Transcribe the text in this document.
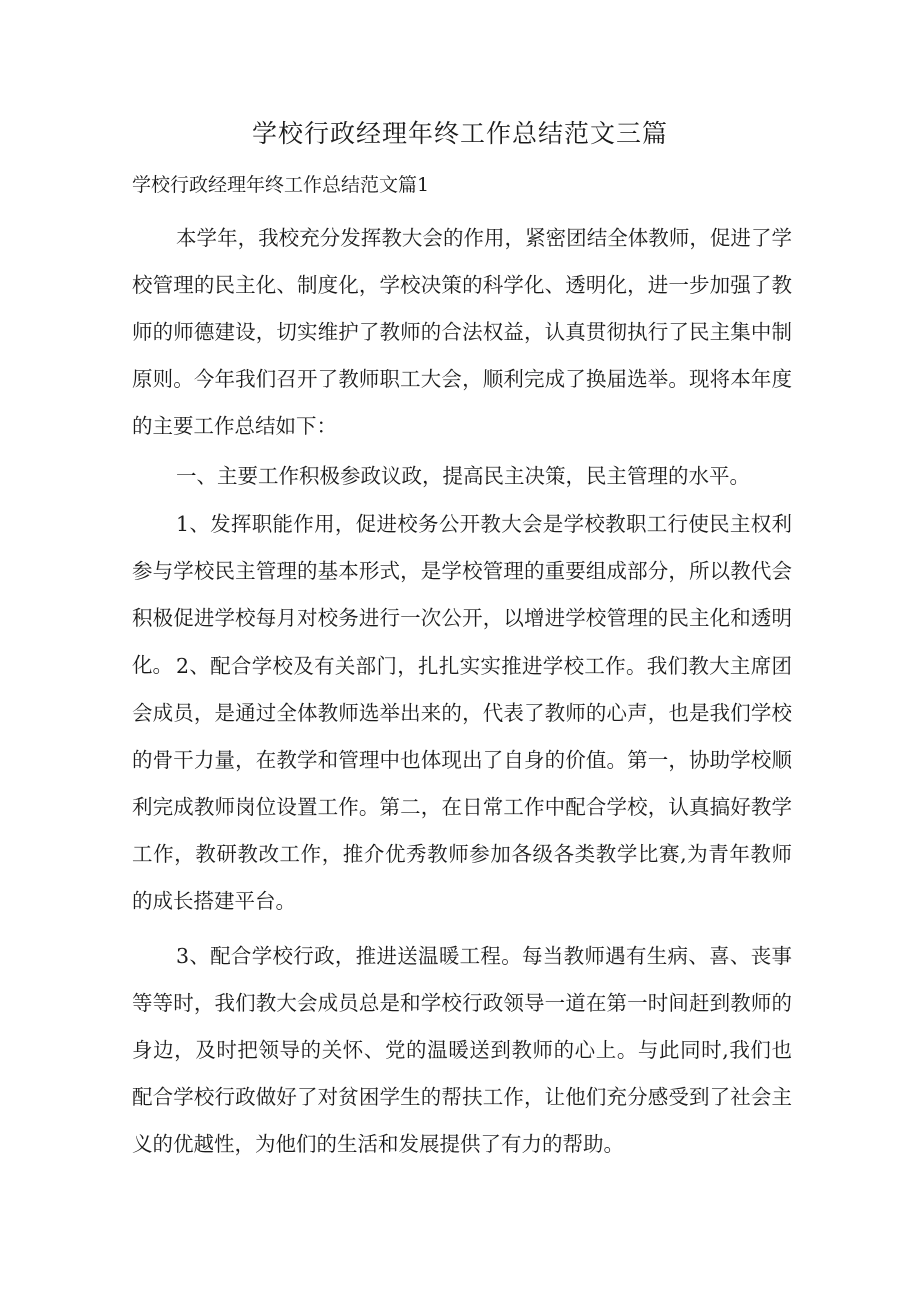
学校行政经理年终工作总结范文三篇

学校行政经理年终工作总结范文篇1

本学年，我校充分发挥教大会的作用，紧密团结全体教师，促进了学校管理的民主化、制度化，学校决策的科学化、透明化，进一步加强了教师的师德建设，切实维护了教师的合法权益，认真贯彻执行了民主集中制原则。今年我们召开了教师职工大会，顺利完成了换届选举。现将本年度的主要工作总结如下：

一、主要工作积极参政议政，提高民主决策，民主管理的水平。

1、发挥职能作用，促进校务公开教大会是学校教职工行使民主权利参与学校民主管理的基本形式，是学校管理的重要组成部分，所以教代会积极促进学校每月对校务进行一次公开，以增进学校管理的民主化和透明化。 2、配合学校及有关部门，扎扎实实推进学校工作。我们教大主席团会成员，是通过全体教师选举出来的，代表了教师的心声，也是我们学校的骨干力量，在教学和管理中也体现出了自身的价值。第一，协助学校顺利完成教师岗位设置工作。第二，在日常工作中配合学校，认真搞好教学工作，教研教改工作，推介优秀教师参加各级各类教学比赛,为青年教师的成长搭建平台。

3、配合学校行政，推进送温暖工程。每当教师遇有生病、喜、丧事等等时，我们教大会成员总是和学校行政领导一道在第一时间赶到教师的身边，及时把领导的关怀、党的温暖送到教师的心上。与此同时,我们也配合学校行政做好了对贫困学生的帮扶工作，让他们充分感受到了社会主义的优越性，为他们的生活和发展提供了有力的帮助。
